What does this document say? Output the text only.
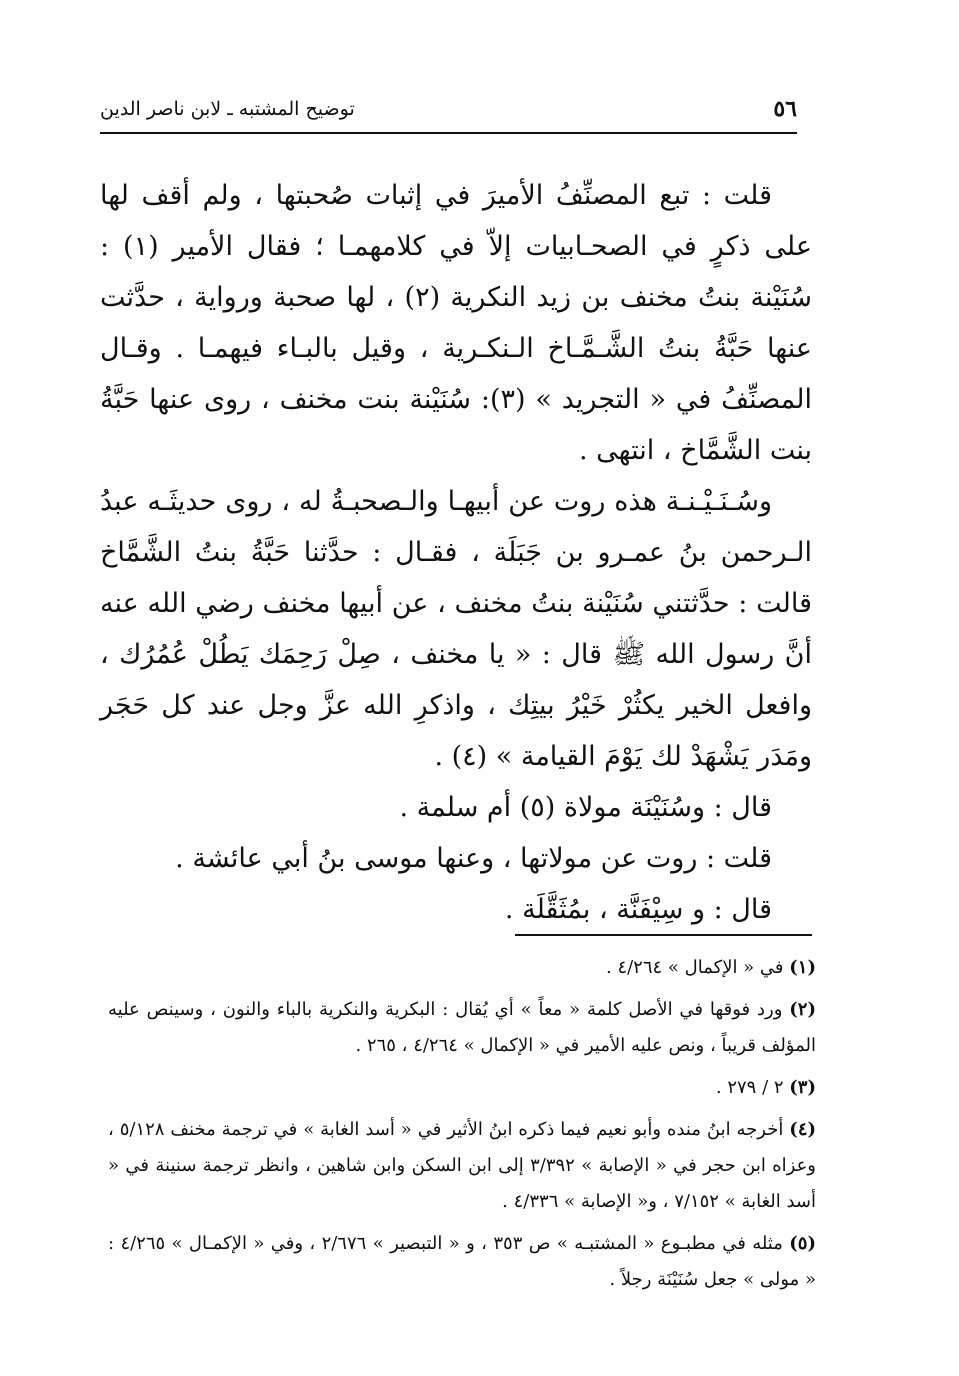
٥٦
توضيح المشتبه ـ لابن ناصر الدين

قلت : تبع المصنِّفُ الأميرَ في إثبات صُحبتها ، ولم أقف لها على ذكرٍ في الصحـابيات إلاّ في كلامهمـا ؛ فقال الأمير (١) : سُنَيْنة بنتُ مخنف بن زيد النكرية (٢) ، لها صحبة ورواية ، حدَّثت عنها حَبَّةُ بنتُ الشَّـمَّـاخ الـنكـرية ، وقيل بالبـاء فيهمـا . وقـال المصنِّفُ في « التجريد » (٣): سُنَيْنة بنت مخنف ، روى عنها حَبَّةُ بنت الشَّمَّاخ ، انتهى .

وسُـنَـيْـنـة هذه روت عن أبيهـا والـصحبـةُ له ، روى حديثَـه عبدُ الـرحمن بنُ عمـرو بن جَبَلَة ، فقـال : حدَّثنا حَبَّةُ بنتُ الشَّمَّاخ قالت : حدَّثتني سُنَيْنة بنتُ مخنف ، عن أبيها مخنف رضي الله عنه أنَّ رسول الله ﷺ قال : « يا مخنف ، صِلْ رَحِمَك يَطُلْ عُمُرُك ، وافعل الخير يكثُرْ خَيْرُ بيتِك ، واذكرِ الله عزَّ وجل عند كل حَجَر ومَدَر يَشْهَدْ لك يَوْمَ القيامة » (٤) .

قال : وسُنَيْنَة مولاة (٥) أم سلمة .

قلت : روت عن مولاتها ، وعنها موسى بنُ أبي عائشة .

قال : و سِيْفَنَّة ، بمُثَقَّلَة .

(١) في « الإكمال » ٤/٢٦٤ .
(٢) ورد فوقها في الأصل كلمة « معاً » أي يُقال : البكرية والنكرية بالباء والنون ، وسينص عليه المؤلف قريباً ، ونص عليه الأمير في « الإكمال » ٤/٢٦٤ ، ٢٦٥ .
(٣) ٢ / ٢٧٩ .
(٤) أخرجه ابنُ منده وأبو نعيم فيما ذكره ابنُ الأثير في « أسد الغابة » في ترجمة مخنف ٥/١٢٨ ، وعزاه ابن حجر في « الإصابة » ٣/٣٩٢ إلى ابن السكن وابن شاهين ، وانظر ترجمة سنينة في « أسد الغابة » ٧/١٥٢ ، و« الإصابة » ٤/٣٣٦ .
(٥) مثله في مطبـوع « المشتبـه » ص ٣٥٣ ، و « التبصير » ٢/٦٧٦ ، وفي « الإكمـال » ٤/٢٦٥ : « مولى » جعل سُنَيْنَة رجلاً .
